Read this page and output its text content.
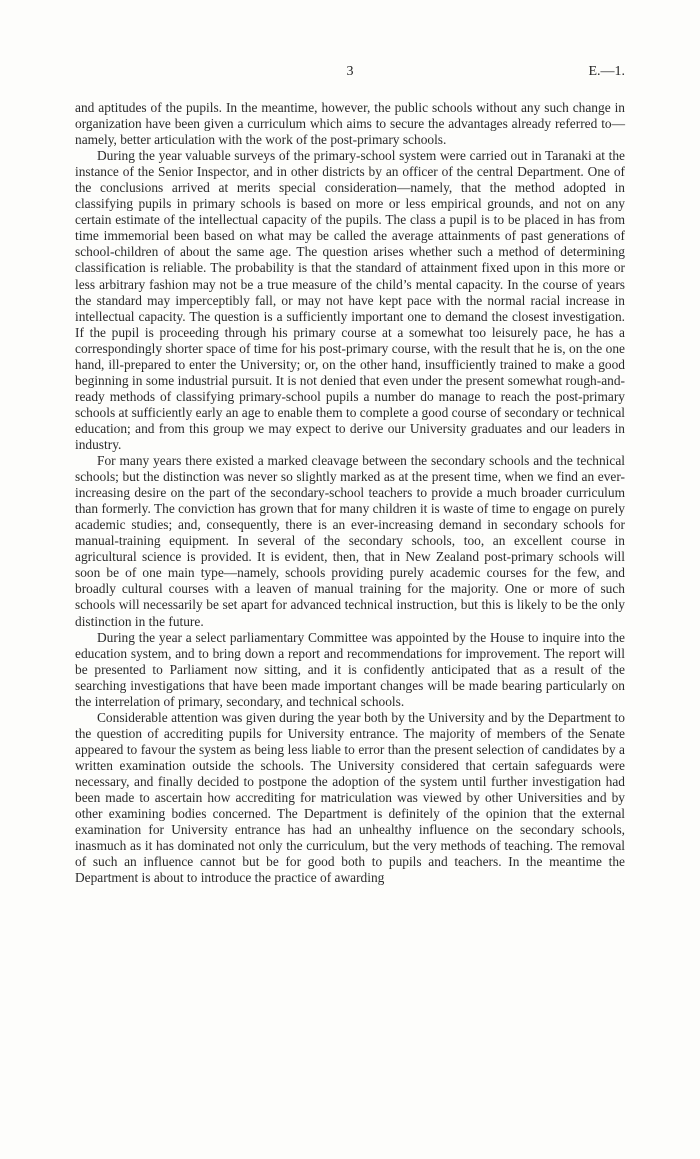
3	E.—1.

and aptitudes of the pupils. In the meantime, however, the public schools without any such change in organization have been given a curriculum which aims to secure the advantages already referred to—namely, better articulation with the work of the post-primary schools.

During the year valuable surveys of the primary-school system were carried out in Taranaki at the instance of the Senior Inspector, and in other districts by an officer of the central Department. One of the conclusions arrived at merits special consideration—namely, that the method adopted in classifying pupils in primary schools is based on more or less empirical grounds, and not on any certain estimate of the intellectual capacity of the pupils. The class a pupil is to be placed in has from time immemorial been based on what may be called the average attainments of past generations of school-children of about the same age. The question arises whether such a method of determining classification is reliable. The probability is that the standard of attainment fixed upon in this more or less arbitrary fashion may not be a true measure of the child’s mental capacity. In the course of years the standard may imperceptibly fall, or may not have kept pace with the normal racial increase in intellectual capacity. The question is a sufficiently important one to demand the closest investigation. If the pupil is proceeding through his primary course at a somewhat too leisurely pace, he has a correspondingly shorter space of time for his post-primary course, with the result that he is, on the one hand, ill-prepared to enter the University; or, on the other hand, insufficiently trained to make a good beginning in some industrial pursuit. It is not denied that even under the present somewhat rough-and-ready methods of classifying primary-school pupils a number do manage to reach the post-primary schools at sufficiently early an age to enable them to complete a good course of secondary or technical education; and from this group we may expect to derive our University graduates and our leaders in industry.

For many years there existed a marked cleavage between the secondary schools and the technical schools; but the distinction was never so slightly marked as at the present time, when we find an ever-increasing desire on the part of the secondary-school teachers to provide a much broader curriculum than formerly. The conviction has grown that for many children it is waste of time to engage on purely academic studies; and, consequently, there is an ever-increasing demand in secondary schools for manual-training equipment. In several of the secondary schools, too, an excellent course in agricultural science is provided. It is evident, then, that in New Zealand post-primary schools will soon be of one main type—namely, schools providing purely academic courses for the few, and broadly cultural courses with a leaven of manual training for the majority. One or more of such schools will necessarily be set apart for advanced technical instruction, but this is likely to be the only distinction in the future.

During the year a select parliamentary Committee was appointed by the House to inquire into the education system, and to bring down a report and recommendations for improvement. The report will be presented to Parliament now sitting, and it is confidently anticipated that as a result of the searching investigations that have been made important changes will be made bearing particularly on the interrelation of primary, secondary, and technical schools.

Considerable attention was given during the year both by the University and by the Department to the question of accrediting pupils for University entrance. The majority of members of the Senate appeared to favour the system as being less liable to error than the present selection of candidates by a written examination outside the schools. The University considered that certain safeguards were necessary, and finally decided to postpone the adoption of the system until further investigation had been made to ascertain how accrediting for matriculation was viewed by other Universities and by other examining bodies concerned. The Department is definitely of the opinion that the external examination for University entrance has had an unhealthy influence on the secondary schools, inasmuch as it has dominated not only the curriculum, but the very methods of teaching. The removal of such an influence cannot but be for good both to pupils and teachers. In the meantime the Department is about to introduce the practice of awarding
